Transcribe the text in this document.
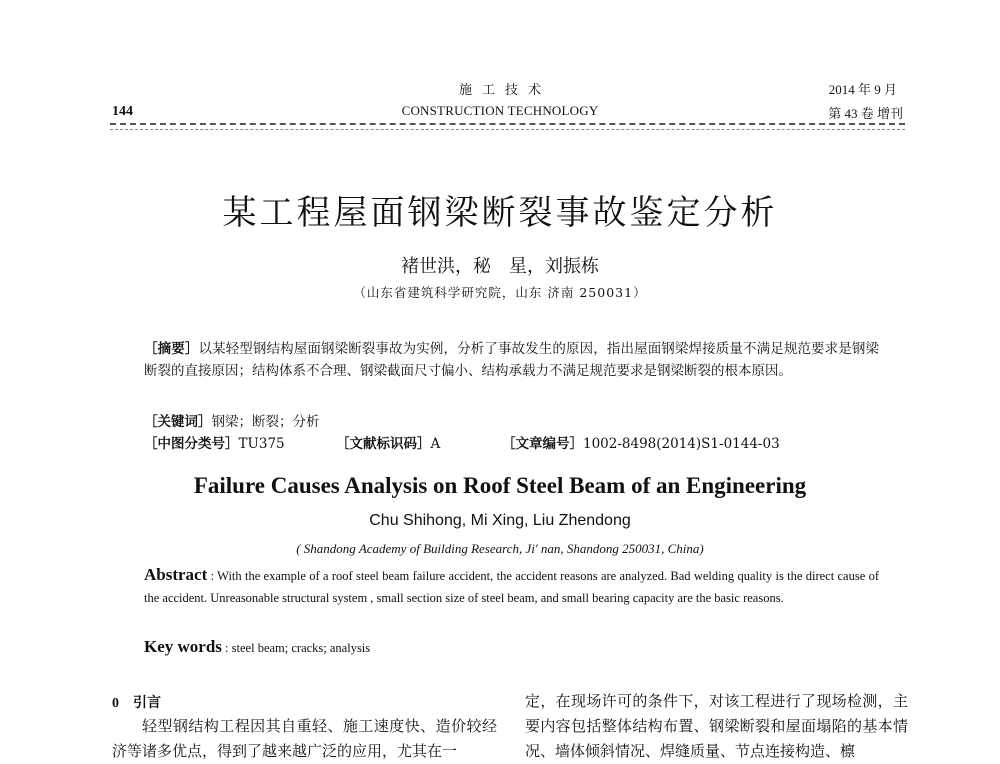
施工技术
144	CONSTRUCTION TECHNOLOGY
2014 年 9 月
第 43 卷 增刊
某工程屋面钢梁断裂事故鉴定分析
褚世洪，秘　星，刘振栋
（山东省建筑科学研究院，山东 济南 250031）
［摘要］以某轻型钢结构屋面钢梁断裂事故为实例，分析了事故发生的原因，指出屋面钢梁焊接质量不满足规范要求是钢梁断裂的直接原因；结构体系不合理、钢梁截面尺寸偏小、结构承载力不满足规范要求是钢梁断裂的根本原因。
［关键词］钢梁；断裂；分析
［中图分类号］TU375	［文献标识码］A	［文章编号］1002-8498(2014)S1-0144-03
Failure Causes Analysis on Roof Steel Beam of an Engineering
Chu Shihong, Mi Xing, Liu Zhendong
( Shandong Academy of Building Research, Ji' nan, Shandong 250031, China)
Abstract : With the example of a roof steel beam failure accident, the accident reasons are analyzed. Bad welding quality is the direct cause of the accident. Unreasonable structural system , small section size of steel beam, and small bearing capacity are the basic reasons.
Key words : steel beam; cracks; analysis
0 引言

轻型钢结构工程因其自重轻、施工速度快、造价较经济等诸多优点，得到了越来越广泛的应用，尤其在一

定，在现场许可的条件下，对该工程进行了现场检测，主要内容包括整体结构布置、钢梁断裂和屋面塌陷的基本情况、墙体倾斜情况、焊缝质量、节点连接构造、檩
